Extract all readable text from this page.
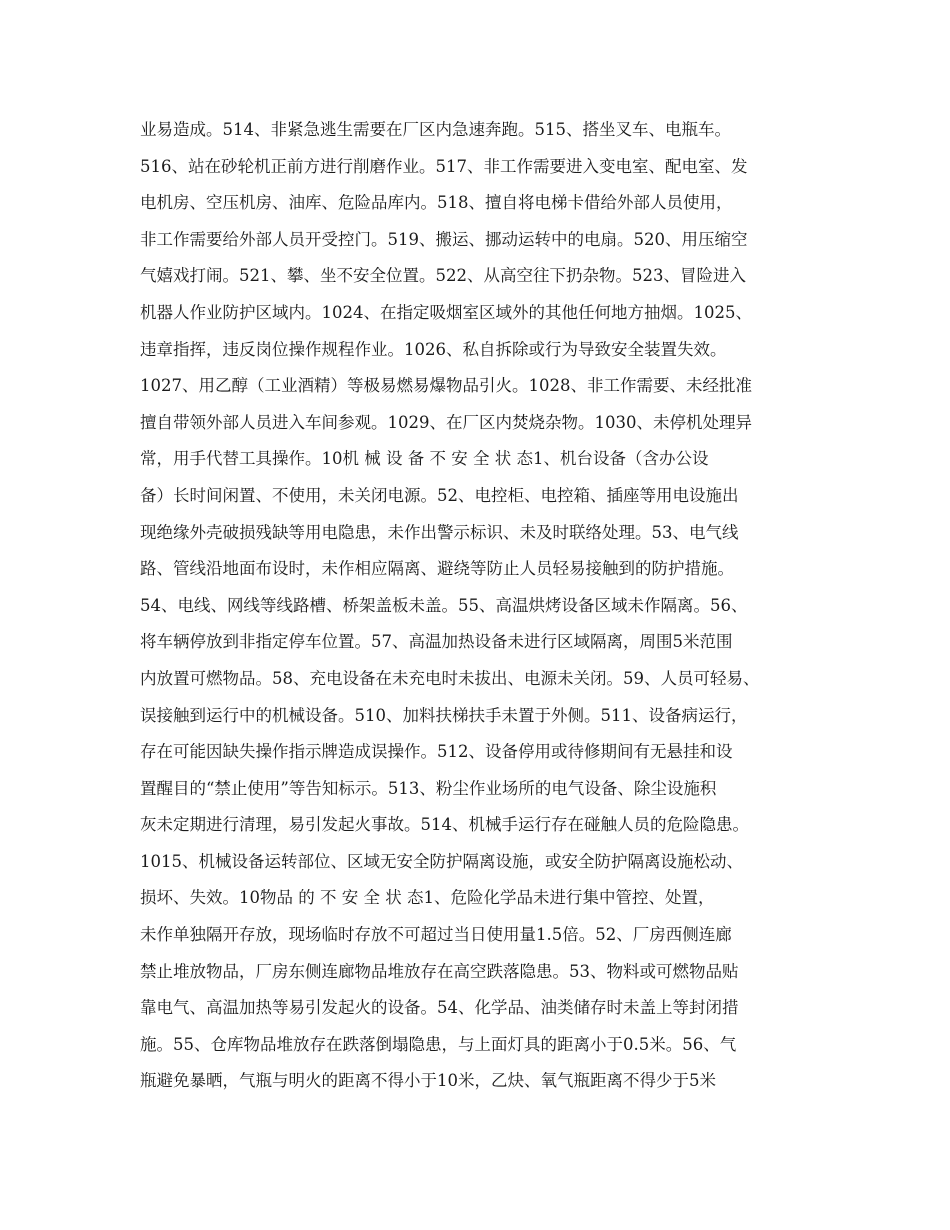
业易造成。514、非紧急逃生需要在厂区内急速奔跑。515、搭坐叉车、电瓶车。
516、站在砂轮机正前方进行削磨作业。517、非工作需要进入变电室、配电室、发
电机房、空压机房、油库、危险品库内。518、擅自将电梯卡借给外部人员使用，
非工作需要给外部人员开受控门。519、搬运、挪动运转中的电扇。520、用压缩空
气嬉戏打闹。521、攀、坐不安全位置。522、从高空往下扔杂物。523、冒险进入
机器人作业防护区域内。1024、在指定吸烟室区域外的其他任何地方抽烟。1025、
违章指挥，违反岗位操作规程作业。1026、私自拆除或行为导致安全装置失效。
1027、用乙醇（工业酒精）等极易燃易爆物品引火。1028、非工作需要、未经批准
擅自带领外部人员进入车间参观。1029、在厂区内焚烧杂物。1030、未停机处理异
常，用手代替工具操作。10机 械 设 备 不 安 全 状 态1、机台设备（含办公设
备）长时间闲置、不使用，未关闭电源。52、电控柜、电控箱、插座等用电设施出
现绝缘外壳破损残缺等用电隐患，未作出警示标识、未及时联络处理。53、电气线
路、管线沿地面布设时，未作相应隔离、避绕等防止人员轻易接触到的防护措施。
54、电线、网线等线路槽、桥架盖板未盖。55、高温烘烤设备区域未作隔离。56、
将车辆停放到非指定停车位置。57、高温加热设备未进行区域隔离，周围5米范围
内放置可燃物品。58、充电设备在未充电时未拔出、电源未关闭。59、人员可轻易、
误接触到运行中的机械设备。510、加料扶梯扶手未置于外侧。511、设备病运行，
存在可能因缺失操作指示牌造成误操作。512、设备停用或待修期间有无悬挂和设
置醒目的“禁止使用”等告知标示。513、粉尘作业场所的电气设备、除尘设施积
灰未定期进行清理，易引发起火事故。514、机械手运行存在碰触人员的危险隐患。
1015、机械设备运转部位、区域无安全防护隔离设施，或安全防护隔离设施松动、
损坏、失效。10物品 的 不 安 全 状 态1、危险化学品未进行集中管控、处置，
未作单独隔开存放，现场临时存放不可超过当日使用量1.5倍。52、厂房西侧连廊
禁止堆放物品，厂房东侧连廊物品堆放存在高空跌落隐患。53、物料或可燃物品贴
靠电气、高温加热等易引发起火的设备。54、化学品、油类储存时未盖上等封闭措
施。55、仓库物品堆放存在跌落倒塌隐患，与上面灯具的距离小于0.5米。56、气
瓶避免暴晒，气瓶与明火的距离不得小于10米，乙炔、氧气瓶距离不得少于5米
